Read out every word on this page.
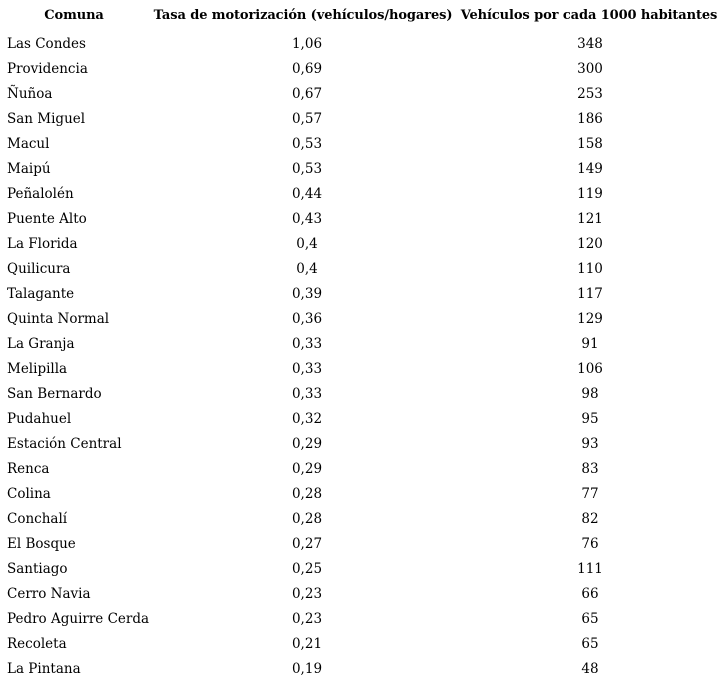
Comuna	Tasa de motorización (vehículos/hogares)	Vehículos por cada 1000 habitantes
Las Condes	1,06	348
Providencia	0,69	300
Ñuñoa	0,67	253
San Miguel	0,57	186
Macul	0,53	158
Maipú	0,53	149
Peñalolén	0,44	119
Puente Alto	0,43	121
La Florida	0,4	120
Quilicura	0,4	110
Talagante	0,39	117
Quinta Normal	0,36	129
La Granja	0,33	91
Melipilla	0,33	106
San Bernardo	0,33	98
Pudahuel	0,32	95
Estación Central	0,29	93
Renca	0,29	83
Colina	0,28	77
Conchalí	0,28	82
El Bosque	0,27	76
Santiago	0,25	111
Cerro Navia	0,23	66
Pedro Aguirre Cerda	0,23	65
Recoleta	0,21	65
La Pintana	0,19	48
